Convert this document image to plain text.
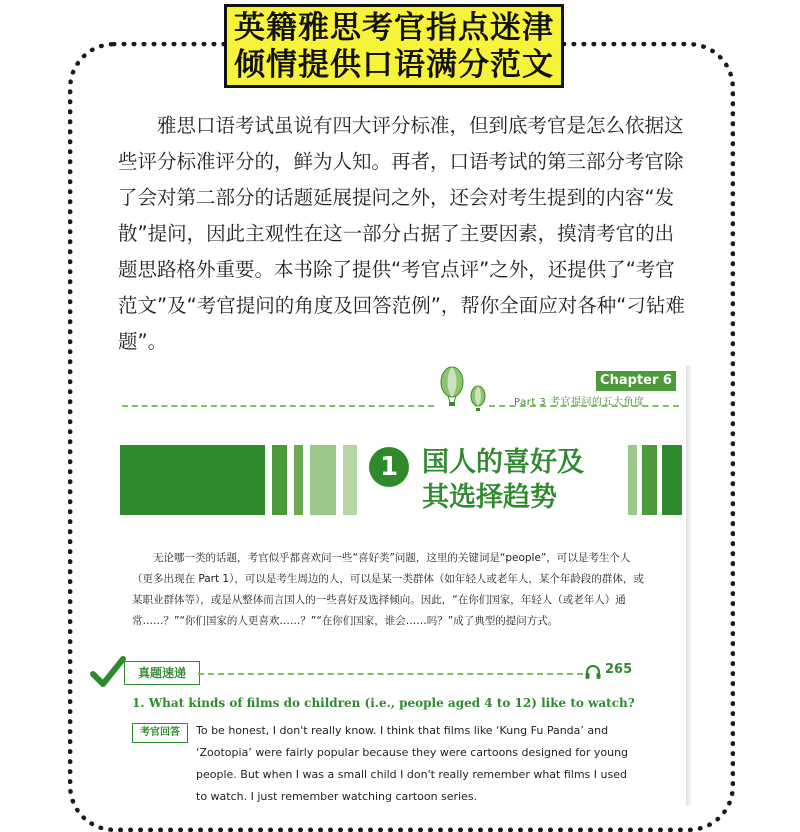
英籍雅思考官指点迷津
倾情提供口语满分范文

雅思口语考试虽说有四大评分标准，但到底考官是怎么依据这些评分标准评分的，鲜为人知。再者，口语考试的第三部分考官除了会对第二部分的话题延展提问之外，还会对考生提到的内容“发散”提问，因此主观性在这一部分占据了主要因素，摸清考官的出题思路格外重要。本书除了提供“考官点评”之外，还提供了“考官范文”及“考官提问的角度及回答范例”，帮你全面应对各种“刁钻难题”。

Chapter 6
Part 3 考官提问的五大角度
1 国人的喜好及
其选择趋势

无论哪一类的话题，考官似乎都喜欢问一些“喜好类”问题，这里的关键词是“people”，可以是考生个人（更多出现在 Part 1），可以是考生周边的人，可以是某一类群体（如年轻人或老年人，某个年龄段的群体，或某职业群体等），或是从整体而言国人的一些喜好及选择倾向。因此，“在你们国家，年轻人（或老年人）通常……？”“你们国家的人更喜欢……？”“在你们国家，谁会……吗？”成了典型的提问方式。

真题速递	265
1. What kinds of films do children (i.e., people aged 4 to 12) like to watch?
考官回答	To be honest, I don't really know. I think that films like ‘Kung Fu Panda’ and ‘Zootopia’ were fairly popular because they were cartoons designed for young people. But when I was a small child I don't really remember what films I used to watch. I just remember watching cartoon series.
